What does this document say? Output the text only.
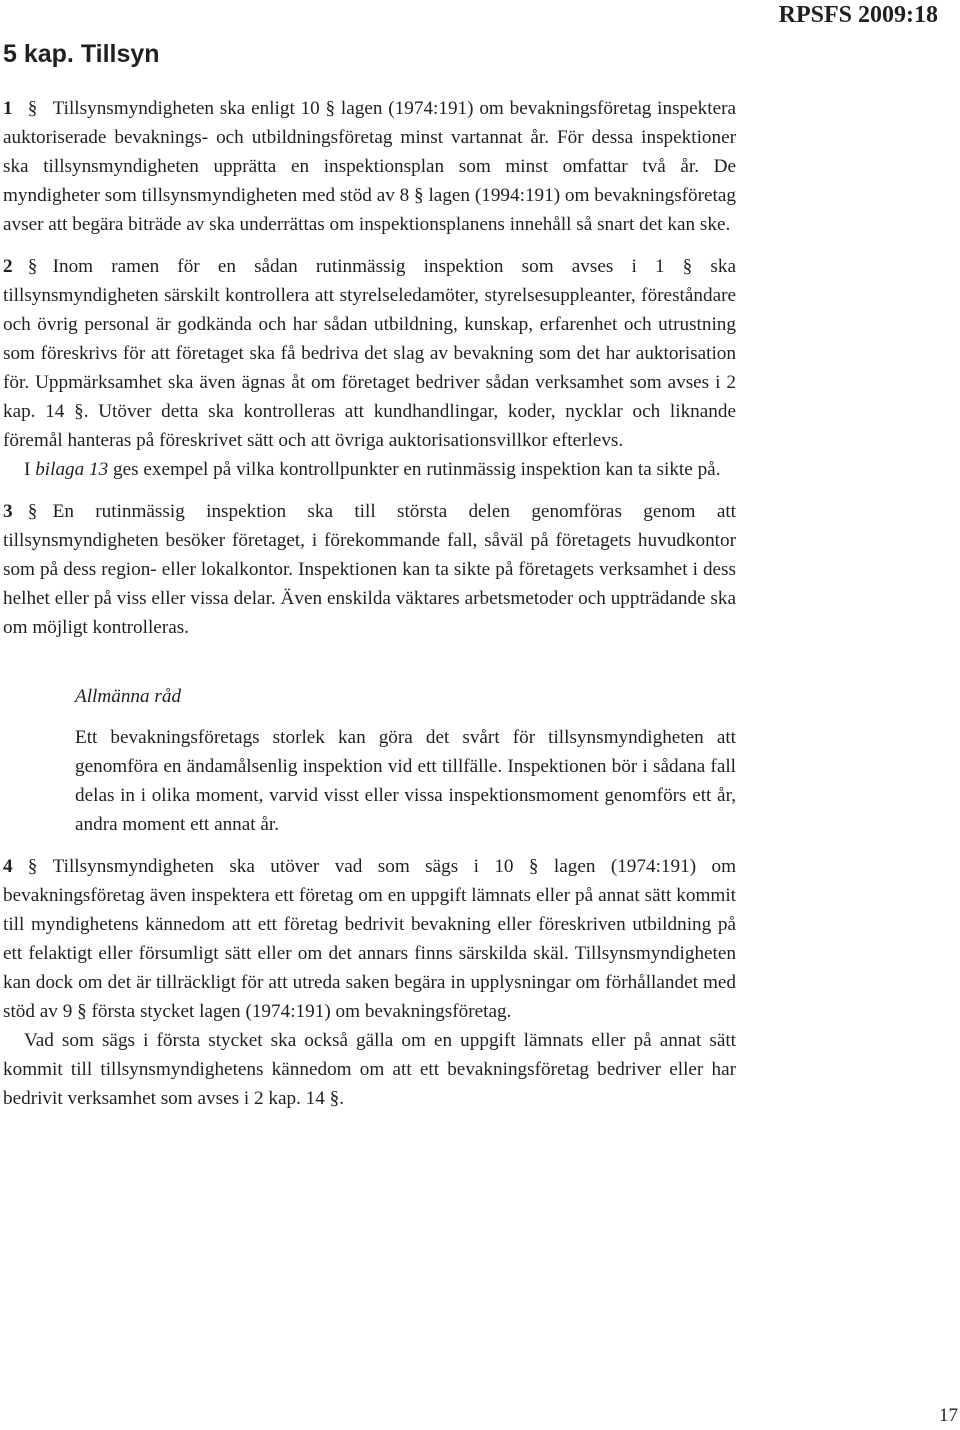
RPSFS 2009:18
5 kap. Tillsyn

1 § Tillsynsmyndigheten ska enligt 10 § lagen (1974:191) om bevakningsföretag inspektera auktoriserade bevaknings- och utbildningsföretag minst vartannat år. För dessa inspektioner ska tillsynsmyndigheten upprätta en inspektionsplan som minst omfattar två år. De myndigheter som tillsynsmyndigheten med stöd av 8 § lagen (1994:191) om bevakningsföretag avser att begära biträde av ska underrättas om inspektionsplanens innehåll så snart det kan ske.

2 § Inom ramen för en sådan rutinmässig inspektion som avses i 1 § ska tillsynsmyndigheten särskilt kontrollera att styrelseledamöter, styrelsesuppleanter, föreståndare och övrig personal är godkända och har sådan utbildning, kunskap, erfarenhet och utrustning som föreskrivs för att företaget ska få bedriva det slag av bevakning som det har auktorisation för. Uppmärksamhet ska även ägnas åt om företaget bedriver sådan verksamhet som avses i 2 kap. 14 §. Utöver detta ska kontrolleras att kundhandlingar, koder, nycklar och liknande föremål hanteras på föreskrivet sätt och att övriga auktorisationsvillkor efterlevs.

I bilaga 13 ges exempel på vilka kontrollpunkter en rutinmässig inspektion kan ta sikte på.

3 § En rutinmässig inspektion ska till största delen genomföras genom att tillsynsmyndigheten besöker företaget, i förekommande fall, såväl på företagets huvudkontor som på dess region- eller lokalkontor. Inspektionen kan ta sikte på företagets verksamhet i dess helhet eller på viss eller vissa delar. Även enskilda väktares arbetsmetoder och uppträdande ska om möjligt kontrolleras.

Allmänna råd

Ett bevakningsföretags storlek kan göra det svårt för tillsynsmyndigheten att genomföra en ändamålsenlig inspektion vid ett tillfälle. Inspektionen bör i sådana fall delas in i olika moment, varvid visst eller vissa inspektionsmoment genomförs ett år, andra moment ett annat år.

4 § Tillsynsmyndigheten ska utöver vad som sägs i 10 § lagen (1974:191) om bevakningsföretag även inspektera ett företag om en uppgift lämnats eller på annat sätt kommit till myndighetens kännedom att ett företag bedrivit bevakning eller föreskriven utbildning på ett felaktigt eller försumligt sätt eller om det annars finns särskilda skäl. Tillsynsmyndigheten kan dock om det är tillräckligt för att utreda saken begära in upplysningar om förhållandet med stöd av 9 § första stycket lagen (1974:191) om bevakningsföretag.

Vad som sägs i första stycket ska också gälla om en uppgift lämnats eller på annat sätt kommit till tillsynsmyndighetens kännedom om att ett bevakningsföretag bedriver eller har bedrivit verksamhet som avses i 2 kap. 14 §.

17
